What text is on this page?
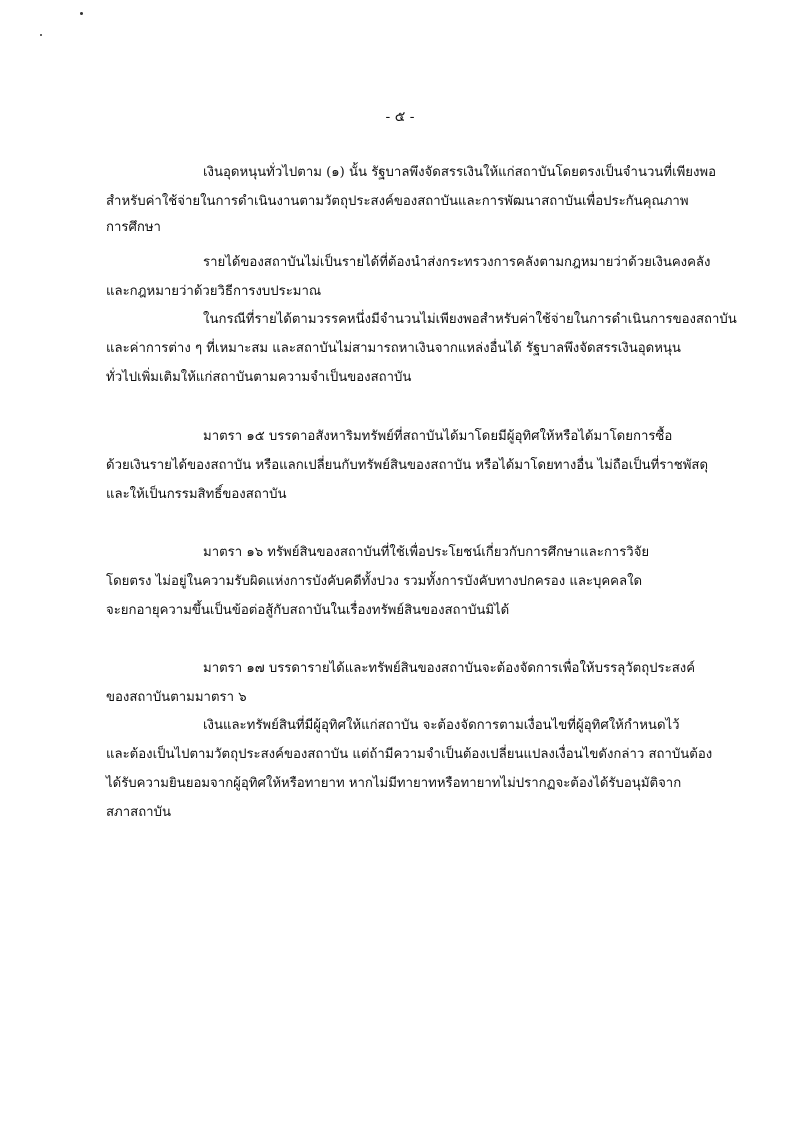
- ๕ -
เงินอุดหนุนทั่วไปตาม (๑) นั้น รัฐบาลพึงจัดสรรเงินให้แก่สถาบันโดยตรงเป็นจำนวนที่เพียงพอ
สำหรับค่าใช้จ่ายในการดำเนินงานตามวัตถุประสงค์ของสถาบันและการพัฒนาสถาบันเพื่อประกันคุณภาพ
การศึกษา
รายได้ของสถาบันไม่เป็นรายได้ที่ต้องนำส่งกระทรวงการคลังตามกฎหมายว่าด้วยเงินคงคลัง
และกฎหมายว่าด้วยวิธีการงบประมาณ
ในกรณีที่รายได้ตามวรรคหนึ่งมีจำนวนไม่เพียงพอสำหรับค่าใช้จ่ายในการดำเนินการของสถาบัน
และค่าการต่าง ๆ ที่เหมาะสม และสถาบันไม่สามารถหาเงินจากแหล่งอื่นได้ รัฐบาลพึงจัดสรรเงินอุดหนุน
ทั่วไปเพิ่มเติมให้แก่สถาบันตามความจำเป็นของสถาบัน
มาตรา ๑๕ บรรดาอสังหาริมทรัพย์ที่สถาบันได้มาโดยมีผู้อุทิศให้หรือได้มาโดยการซื้อ
ด้วยเงินรายได้ของสถาบัน หรือแลกเปลี่ยนกับทรัพย์สินของสถาบัน หรือได้มาโดยทางอื่น ไม่ถือเป็นที่ราชพัสดุ
และให้เป็นกรรมสิทธิ์ของสถาบัน
มาตรา ๑๖ ทรัพย์สินของสถาบันที่ใช้เพื่อประโยชน์เกี่ยวกับการศึกษาและการวิจัย
โดยตรง ไม่อยู่ในความรับผิดแห่งการบังคับคดีทั้งปวง รวมทั้งการบังคับทางปกครอง และบุคคลใด
จะยกอายุความขึ้นเป็นข้อต่อสู้กับสถาบันในเรื่องทรัพย์สินของสถาบันมิได้
มาตรา ๑๗ บรรดารายได้และทรัพย์สินของสถาบันจะต้องจัดการเพื่อให้บรรลุวัตถุประสงค์
ของสถาบันตามมาตรา ๖
เงินและทรัพย์สินที่มีผู้อุทิศให้แก่สถาบัน จะต้องจัดการตามเงื่อนไขที่ผู้อุทิศให้กำหนดไว้
และต้องเป็นไปตามวัตถุประสงค์ของสถาบัน แต่ถ้ามีความจำเป็นต้องเปลี่ยนแปลงเงื่อนไขดังกล่าว สถาบันต้อง
ได้รับความยินยอมจากผู้อุทิศให้หรือทายาท หากไม่มีทายาทหรือทายาทไม่ปรากฏจะต้องได้รับอนุมัติจาก
สภาสถาบัน
